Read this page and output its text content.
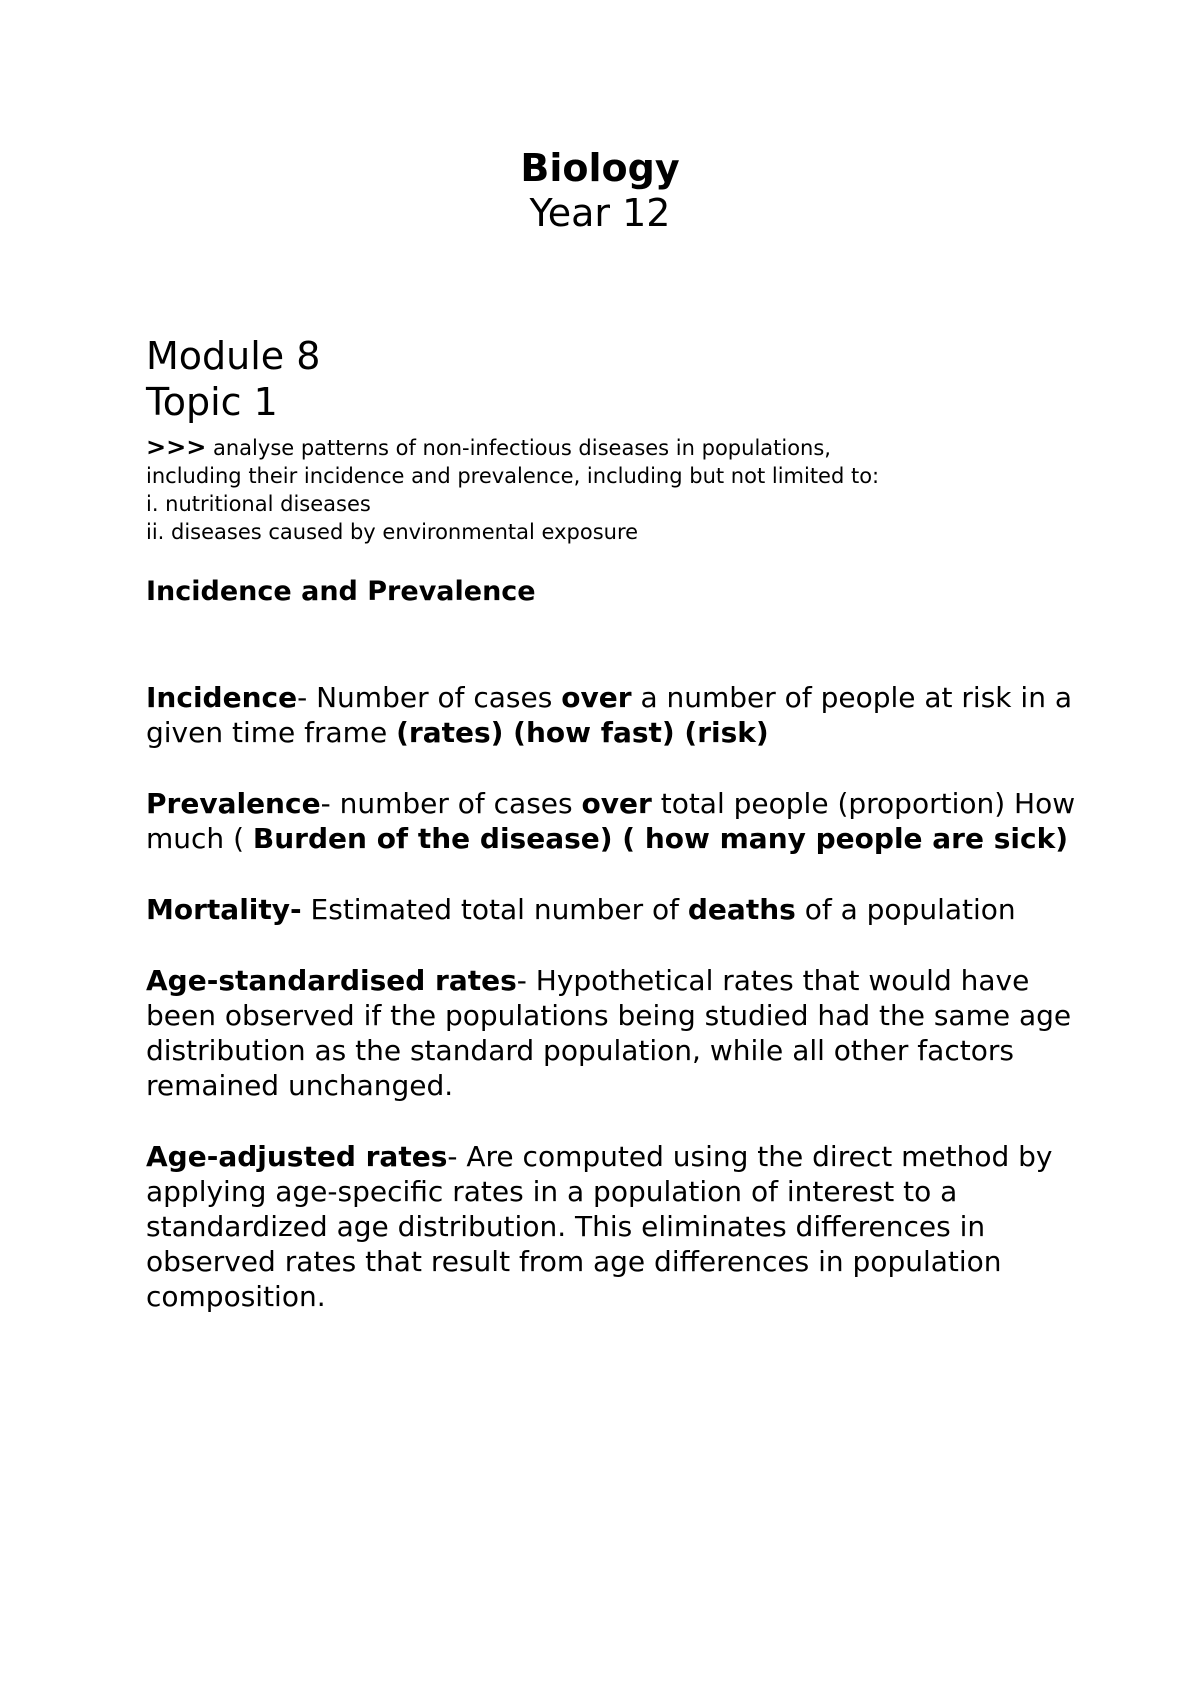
Biology

Year 12

Module 8

Topic 1

>>> analyse patterns of non-infectious diseases in populations,
including their incidence and prevalence, including but not limited to:

i. nutritional diseases

ii. diseases caused by environmental exposure

Incidence and Prevalence

Incidence- Number of cases over a number of people at risk in a given time frame (rates) (how fast) (risk)

Prevalence- number of cases over total people (proportion) How much ( Burden of the disease) ( how many people are sick)

Mortality- Estimated total number of deaths of a population

Age-standardised rates- Hypothetical rates that would have been observed if the populations being studied had the same age distribution as the standard population, while all other factors remained unchanged.

Age-adjusted rates- Are computed using the direct method by applying age-specific rates in a population of interest to a standardized age distribution. This eliminates differences in observed rates that result from age differences in population composition.
